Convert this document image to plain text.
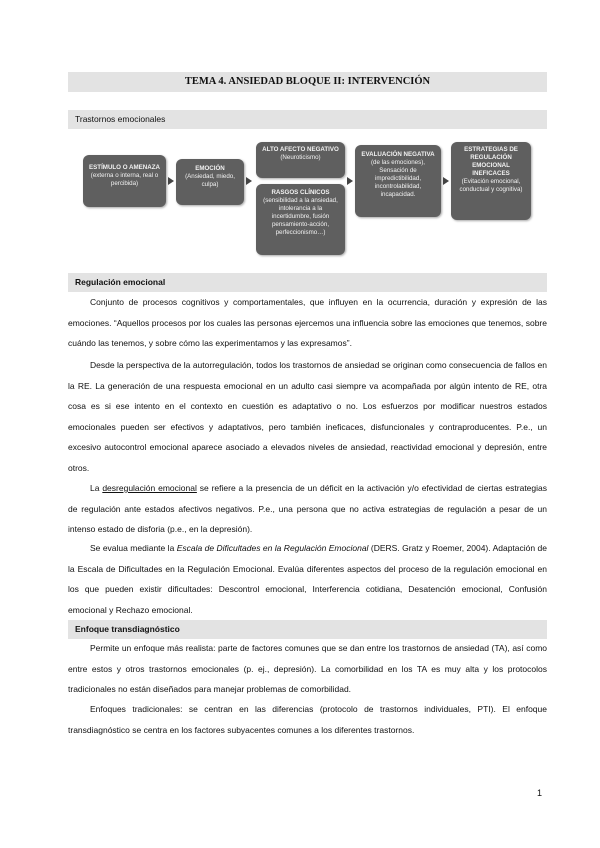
TEMA 4. ANSIEDAD BLOQUE II: INTERVENCIÓN
Trastornos emocionales
ESTÍMULO O AMENAZA
(externa o interna, real o percibida)
EMOCIÓN
(Ansiedad, miedo, culpa)
ALTO AFECTO NEGATIVO
(Neuroticismo)
RASGOS CLÍNICOS
(sensibilidad a la ansiedad, intolerancia a la incertidumbre, fusión pensamiento-acción, perfeccionismo…)
EVALUACIÓN NEGATIVA
(de las emociones), Sensación de impredictibilidad, incontrolabilidad, incapacidad.
ESTRATEGIAS DE REGULACIÓN EMOCIONAL INEFICACES
(Evitación emocional, conductual y cognitiva)
Regulación emocional

Conjunto de procesos cognitivos y comportamentales, que influyen en la ocurrencia, duración y expresión de las emociones. “Aquellos procesos por los cuales las personas ejercemos una influencia sobre las emociones que tenemos, sobre cuándo las tenemos, y sobre cómo las experimentamos y las expresamos”.

Desde la perspectiva de la autorregulación, todos los trastornos de ansiedad se originan como consecuencia de fallos en la RE. La generación de una respuesta emocional en un adulto casi siempre va acompañada por algún intento de RE, otra cosa es si ese intento en el contexto en cuestión es adaptativo o no. Los esfuerzos por modificar nuestros estados emocionales pueden ser efectivos y adaptativos, pero también ineficaces, disfuncionales y contraproducentes. P.e., un excesivo autocontrol emocional aparece asociado a elevados niveles de ansiedad, reactividad emocional y depresión, entre otros.

La desregulación emocional se refiere a la presencia de un déficit en la activación y/o efectividad de ciertas estrategias de regulación ante estados afectivos negativos. P.e., una persona que no activa estrategias de regulación a pesar de un intenso estado de disforia (p.e., en la depresión).

Se evalua mediante la Escala de Dificultades en la Regulación Emocional (DERS. Gratz y Roemer, 2004). Adaptación de la Escala de Dificultades en la Regulación Emocional. Evalúa diferentes aspectos del proceso de la regulación emocional en los que pueden existir dificultades: Descontrol emocional, Interferencia cotidiana, Desatención emocional, Confusión emocional y Rechazo emocional.

Enfoque transdiagnóstico

Permite un enfoque más realista: parte de factores comunes que se dan entre los trastornos de ansiedad (TA), así como entre estos y otros trastornos emocionales (p. ej., depresión). La comorbilidad en los TA es muy alta y los protocolos tradicionales no están diseñados para manejar problemas de comorbilidad.

Enfoques tradicionales: se centran en las diferencias (protocolo de trastornos individuales, PTI). El enfoque transdiagnóstico se centra en los factores subyacentes comunes a los diferentes trastornos.

1
